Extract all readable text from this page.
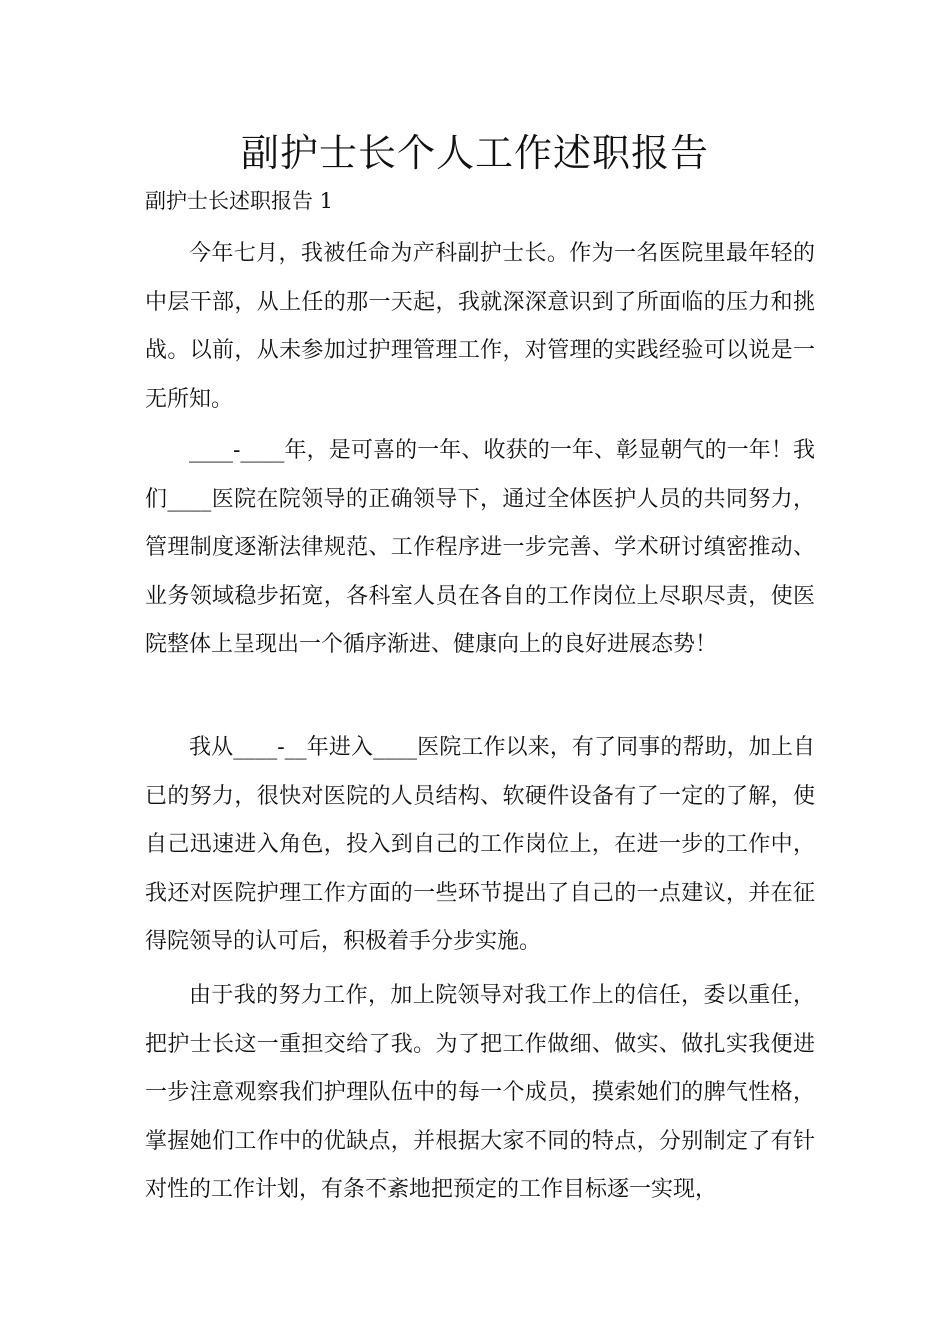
副护士长个人工作述职报告
副护士长述职报告 1

今年七月，我被任命为产科副护士长。作为一名医院里最年轻的中层干部，从上任的那一天起，我就深深意识到了所面临的压力和挑战。以前，从未参加过护理管理工作，对管理的实践经验可以说是一无所知。

____-____年，是可喜的一年、收获的一年、彰显朝气的一年！我们____医院在院领导的正确领导下，通过全体医护人员的共同努力，管理制度逐渐法律规范、工作程序进一步完善、学术研讨缜密推动、业务领域稳步拓宽，各科室人员在各自的工作岗位上尽职尽责，使医院整体上呈现出一个循序渐进、健康向上的良好进展态势！

我从____-__年进入____医院工作以来，有了同事的帮助，加上自已的努力，很快对医院的人员结构、软硬件设备有了一定的了解，使自己迅速进入角色，投入到自己的工作岗位上，在进一步的工作中，我还对医院护理工作方面的一些环节提出了自己的一点建议，并在征得院领导的认可后，积极着手分步实施。

由于我的努力工作，加上院领导对我工作上的信任，委以重任，把护士长这一重担交给了我。为了把工作做细、做实、做扎实我便进一步注意观察我们护理队伍中的每一个成员，摸索她们的脾气性格，掌握她们工作中的优缺点，并根据大家不同的特点，分别制定了有针对性的工作计划，有条不紊地把预定的工作目标逐一实现，
